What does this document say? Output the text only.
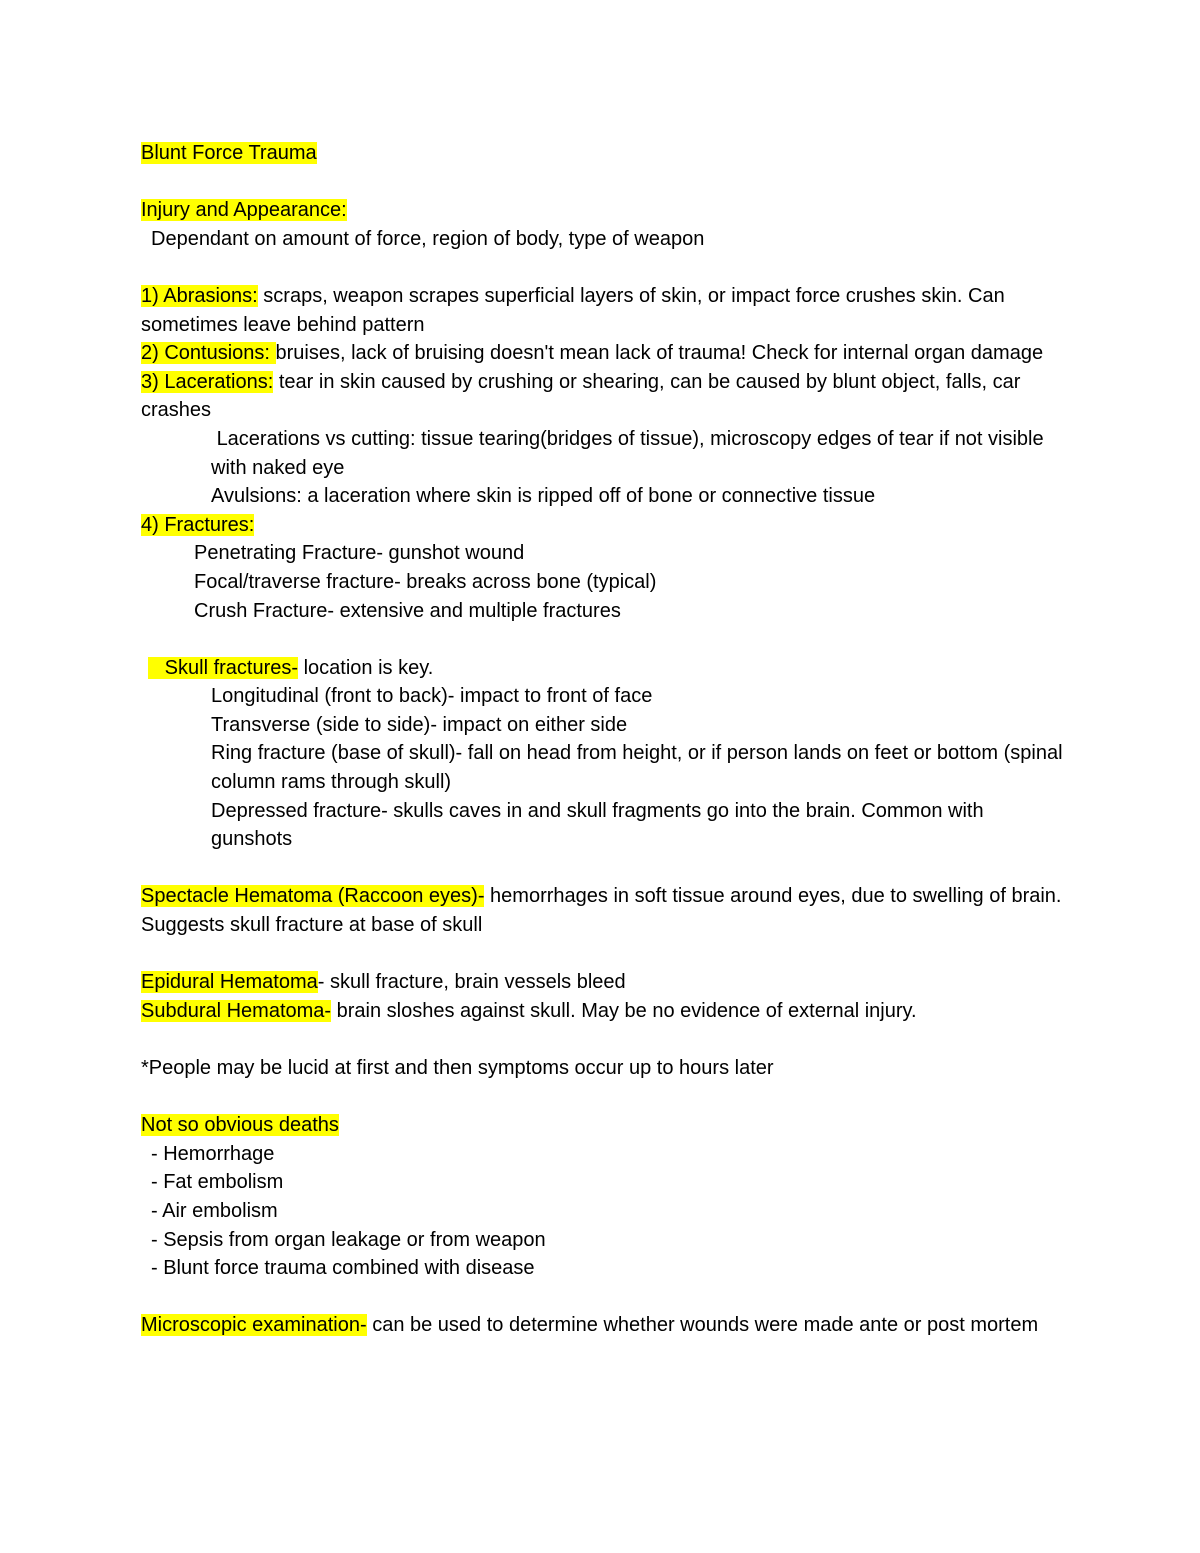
Blunt Force Trauma

Injury and Appearance:

Dependant on amount of force, region of body, type of weapon

1) Abrasions: scraps, weapon scrapes superficial layers of skin, or impact force crushes skin. Can sometimes leave behind pattern

2) Contusions: bruises, lack of bruising doesn't mean lack of trauma! Check for internal organ damage

3) Lacerations: tear in skin caused by crushing or shearing, can be caused by blunt object, falls, car crashes

Lacerations vs cutting: tissue tearing(bridges of tissue), microscopy edges of tear if not visible with naked eye

Avulsions: a laceration where skin is ripped off of bone or connective tissue

4) Fractures:

Penetrating Fracture- gunshot wound

Focal/traverse fracture- breaks across bone (typical)

Crush Fracture- extensive and multiple fractures

Skull fractures- location is key.

Longitudinal (front to back)- impact to front of face

Transverse (side to side)- impact on either side

Ring fracture (base of skull)- fall on head from height, or if person lands on feet or bottom (spinal column rams through skull)

Depressed fracture- skulls caves in and skull fragments go into the brain. Common with gunshots

Spectacle Hematoma (Raccoon eyes)- hemorrhages in soft tissue around eyes, due to swelling of brain. Suggests skull fracture at base of skull

Epidural Hematoma- skull fracture, brain vessels bleed

Subdural Hematoma- brain sloshes against skull. May be no evidence of external injury.

*People may be lucid at first and then symptoms occur up to hours later

Not so obvious deaths

- Hemorrhage

- Fat embolism

- Air embolism

- Sepsis from organ leakage or from weapon

- Blunt force trauma combined with disease

Microscopic examination- can be used to determine whether wounds were made ante or post mortem
